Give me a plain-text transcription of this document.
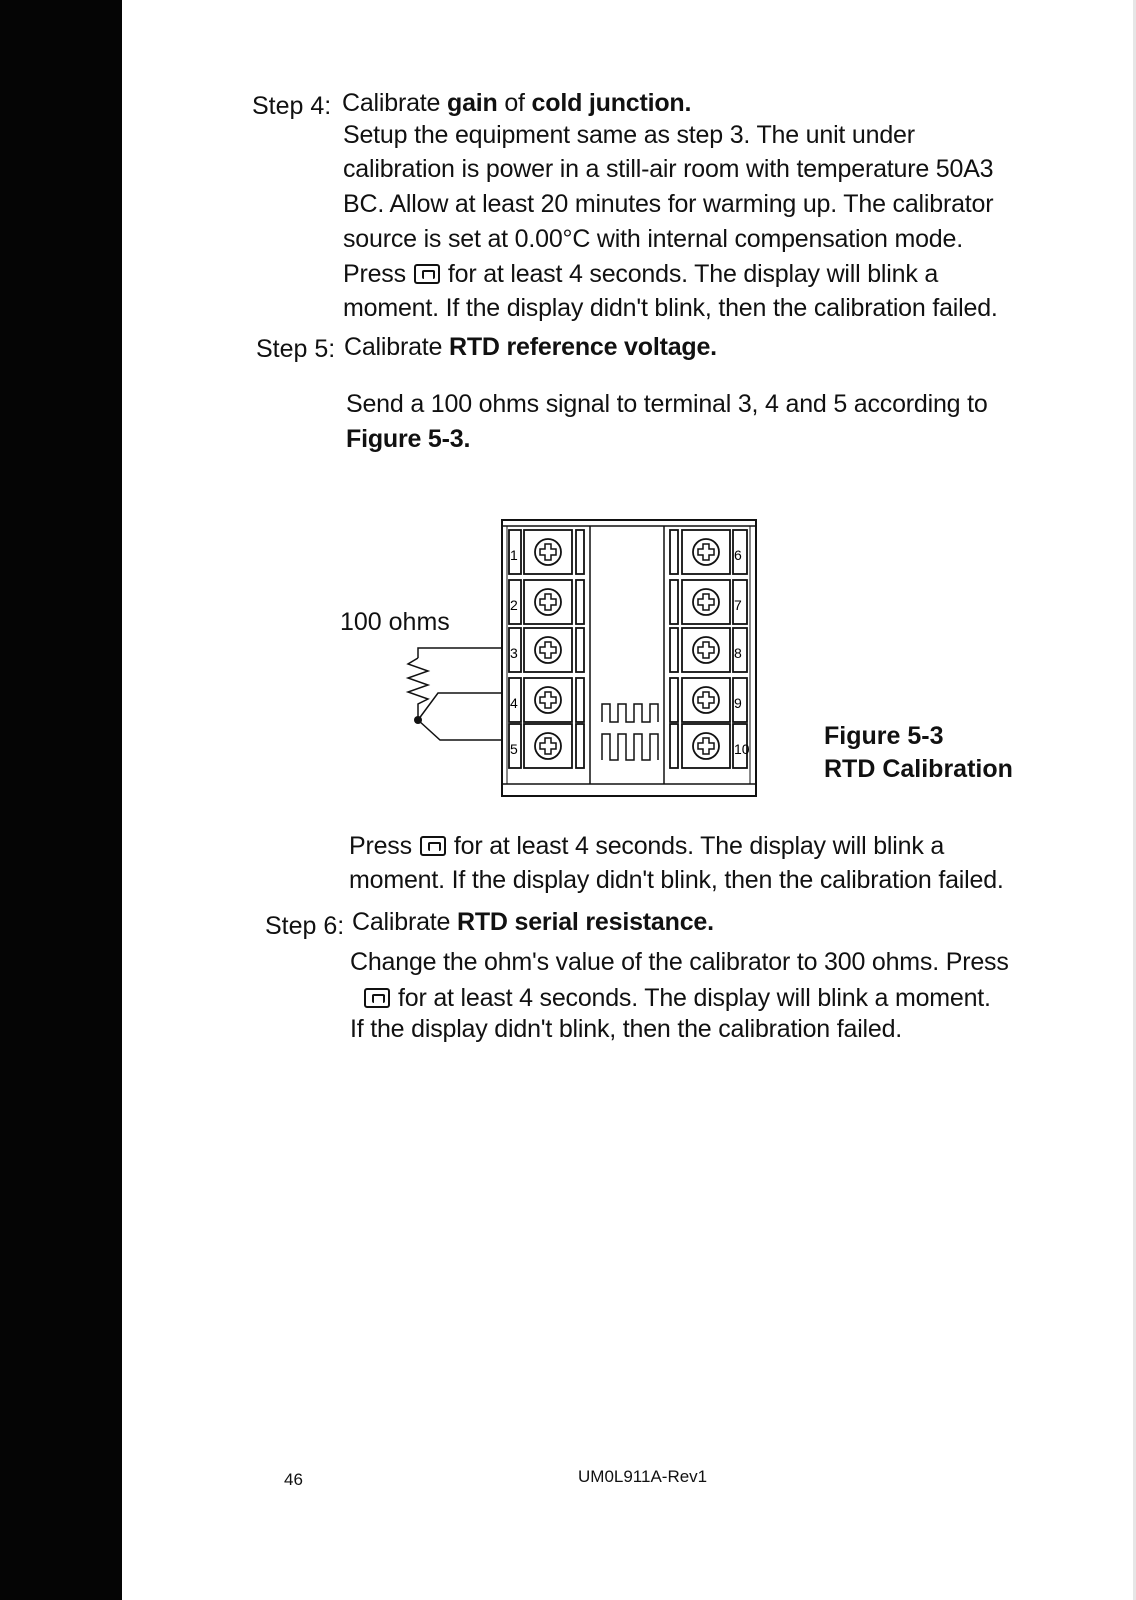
Step 4: Calibrate gain of cold junction.
Setup the equipment same as step 3. The unit under
calibration is power in a still-air room with temperature 50A3
BC. Allow at least 20 minutes for warming up. The calibrator
source is set at 0.00°C with internal compensation mode.
Press for at least 4 seconds. The display will blink a
moment. If the display didn't blink, then the calibration failed.
Step 5: Calibrate RTD reference voltage.
Send a 100 ohms signal to terminal 3, 4 and 5 according to
Figure 5-3.
1	6
2	7
3	8
4	9
5	10
100 ohms
Figure 5-3
RTD Calibration
Press for at least 4 seconds. The display will blink a
moment. If the display didn't blink, then the calibration failed.
Step 6: Calibrate RTD serial resistance.
Change the ohm's value of the calibrator to 300 ohms. Press
for at least 4 seconds. The display will blink a moment.
If the display didn't blink, then the calibration failed.
46	UM0L911A-Rev1
